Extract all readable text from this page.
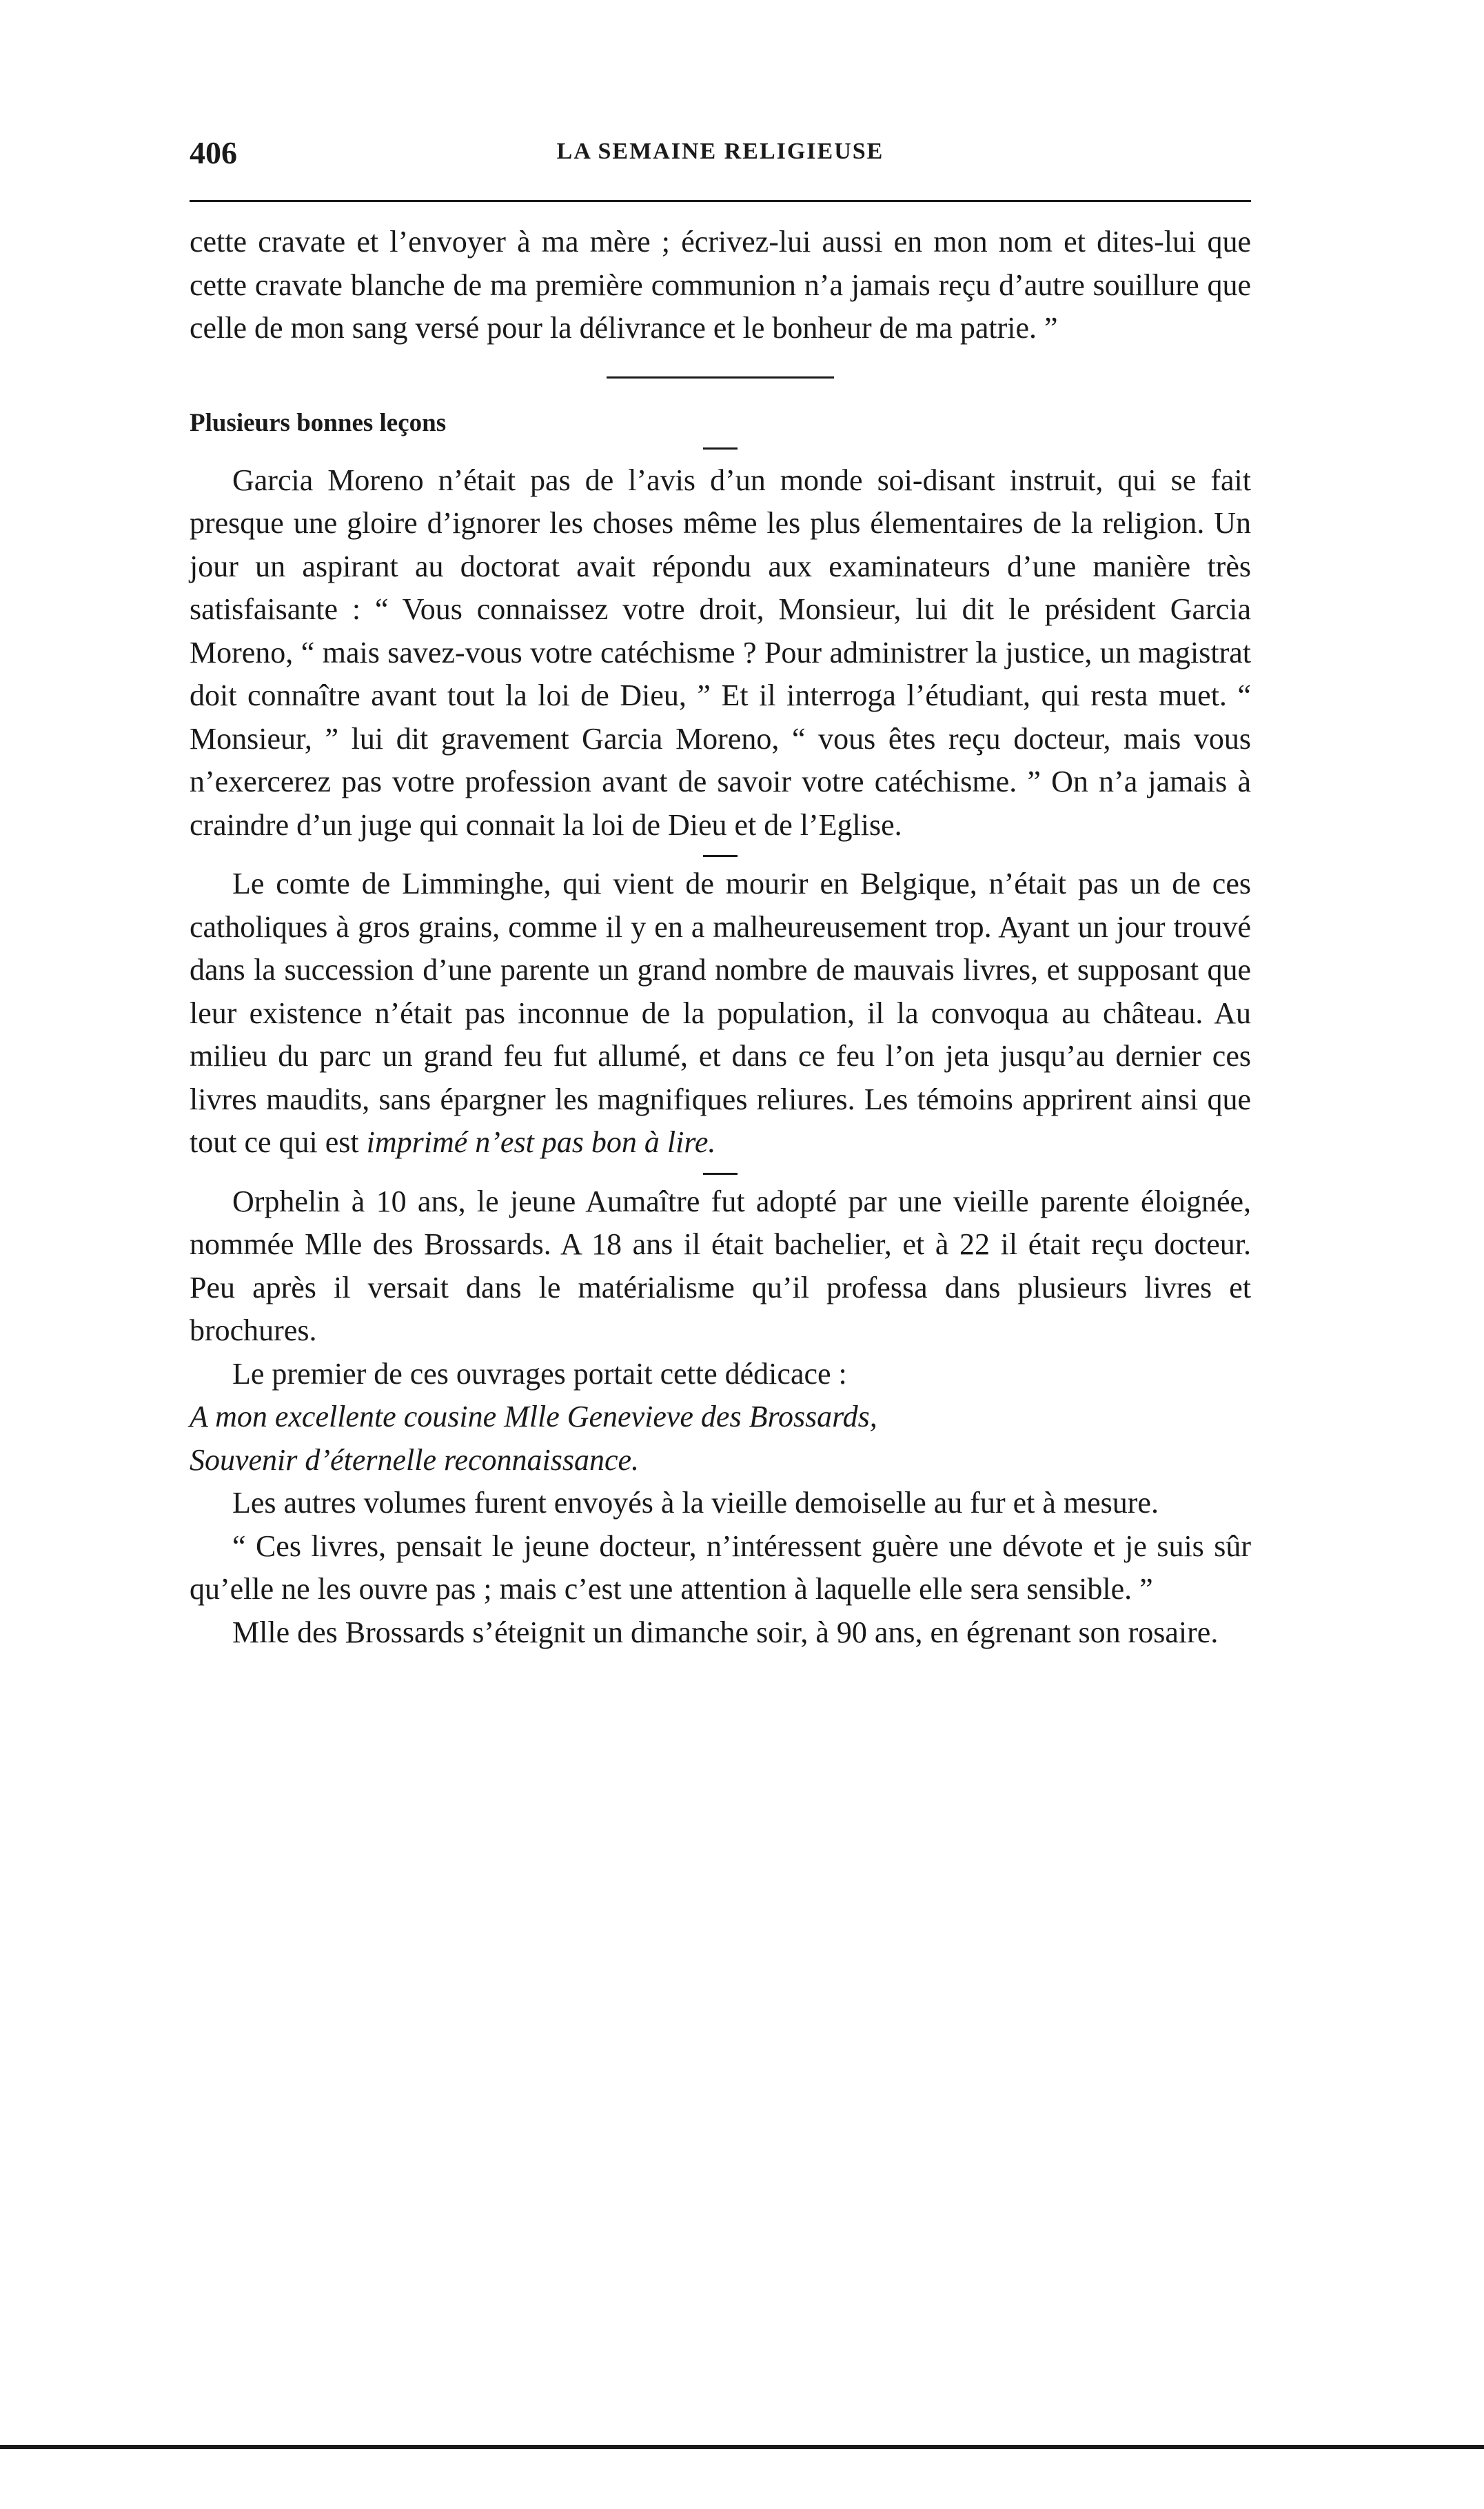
406	LA SEMAINE RELIGIEUSE

cette cravate et l’envoyer à ma mère ; écrivez-lui aussi en mon nom et dites-lui que cette cravate blanche de ma première communion n’a jamais reçu d’autre souillure que celle de mon sang versé pour la délivrance et le bonheur de ma patrie. ”

Plusieurs bonnes leçons

Garcia Moreno n’était pas de l’avis d’un monde soi-disant instruit, qui se fait presque une gloire d’ignorer les choses même les plus élementaires de la religion. Un jour un aspirant au doctorat avait répondu aux examinateurs d’une manière très satisfaisante : “ Vous connaissez votre droit, Monsieur, lui dit le président Garcia Moreno, “ mais savez-vous votre catéchisme ? Pour administrer la justice, un magistrat doit connaître avant tout la loi de Dieu, ” Et il interroga l’étudiant, qui resta muet. “ Monsieur, ” lui dit gravement Garcia Moreno, “ vous êtes reçu docteur, mais vous n’exercerez pas votre profession avant de savoir votre catéchisme. ” On n’a jamais à craindre d’un juge qui connait la loi de Dieu et de l’Eglise.

Le comte de Limminghe, qui vient de mourir en Belgique, n’était pas un de ces catholiques à gros grains, comme il y en a malheureusement trop. Ayant un jour trouvé dans la succession d’une parente un grand nombre de mauvais livres, et supposant que leur existence n’était pas inconnue de la population, il la convoqua au château. Au milieu du parc un grand feu fut allumé, et dans ce feu l’on jeta jusqu’au dernier ces livres maudits, sans épargner les magnifiques reliures. Les témoins apprirent ainsi que tout ce qui est imprimé n’est pas bon à lire.

Orphelin à 10 ans, le jeune Aumaître fut adopté par une vieille parente éloignée, nommée Mlle des Brossards. A 18 ans il était bachelier, et à 22 il était reçu docteur. Peu après il versait dans le matérialisme qu’il professa dans plusieurs livres et brochures.

Le premier de ces ouvrages portait cette dédicace :

A mon excellente cousine Mlle Genevieve des Brossards,

Souvenir d’éternelle reconnaissance.

Les autres volumes furent envoyés à la vieille demoiselle au fur et à mesure.

“ Ces livres, pensait le jeune docteur, n’intéressent guère une dévote et je suis sûr qu’elle ne les ouvre pas ; mais c’est une attention à laquelle elle sera sensible. ”

Mlle des Brossards s’éteignit un dimanche soir, à 90 ans, en égrenant son rosaire.
